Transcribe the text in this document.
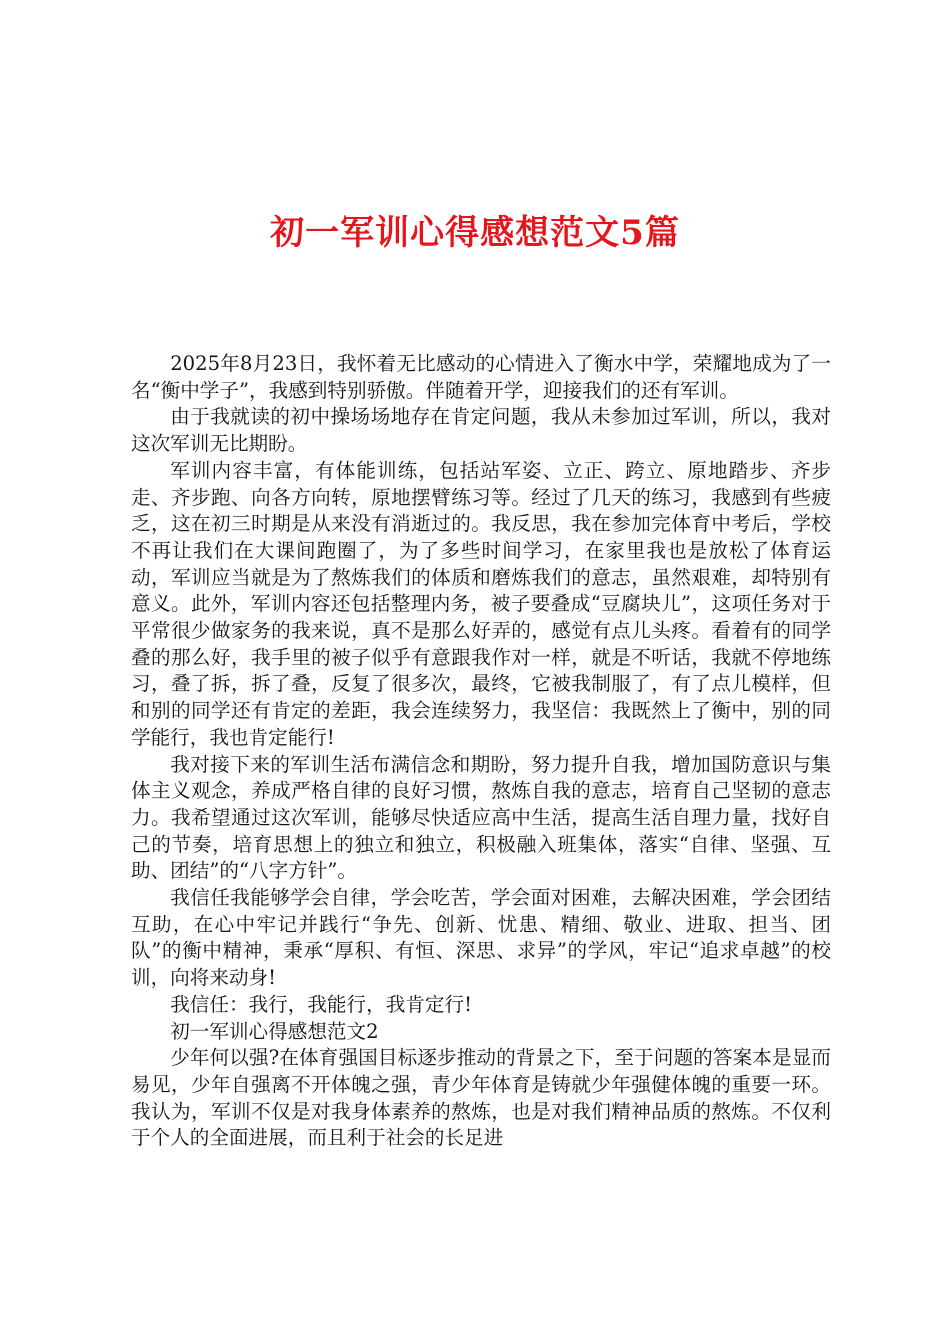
初一军训心得感想范文5篇

2025年8月23日，我怀着无比感动的心情进入了衡水中学，荣耀地成为了一名“衡中学子”，我感到特别骄傲。伴随着开学，迎接我们的还有军训。

由于我就读的初中操场场地存在肯定问题，我从未参加过军训，所以，我对这次军训无比期盼。

军训内容丰富，有体能训练，包括站军姿、立正、跨立、原地踏步、齐步走、齐步跑、向各方向转，原地摆臂练习等。经过了几天的练习，我感到有些疲乏，这在初三时期是从来没有消逝过的。我反思，我在参加完体育中考后，学校不再让我们在大课间跑圈了，为了多些时间学习，在家里我也是放松了体育运动，军训应当就是为了熬炼我们的体质和磨炼我们的意志，虽然艰难，却特别有意义。此外，军训内容还包括整理内务，被子要叠成“豆腐块儿”，这项任务对于平常很少做家务的我来说，真不是那么好弄的，感觉有点儿头疼。看着有的同学叠的那么好，我手里的被子似乎有意跟我作对一样，就是不听话，我就不停地练习，叠了拆，拆了叠，反复了很多次，最终，它被我制服了，有了点儿模样，但和别的同学还有肯定的差距，我会连续努力，我坚信：我既然上了衡中，别的同学能行，我也肯定能行!

我对接下来的军训生活布满信念和期盼，努力提升自我，增加国防意识与集体主义观念，养成严格自律的良好习惯，熬炼自我的意志，培育自己坚韧的意志力。我希望通过这次军训，能够尽快适应高中生活，提高生活自理力量，找好自己的节奏，培育思想上的独立和独立，积极融入班集体，落实“自律、坚强、互助、团结”的“八字方针”。

我信任我能够学会自律，学会吃苦，学会面对困难，去解决困难，学会团结互助，在心中牢记并践行“争先、创新、忧患、精细、敬业、进取、担当、团队”的衡中精神，秉承“厚积、有恒、深思、求异”的学风，牢记“追求卓越”的校训，向将来动身!

我信任：我行，我能行，我肯定行!

初一军训心得感想范文2

少年何以强?在体育强国目标逐步推动的背景之下，至于问题的答案本是显而易见，少年自强离不开体魄之强，青少年体育是铸就少年强健体魄的重要一环。我认为，军训不仅是对我身体素养的熬炼，也是对我们精神品质的熬炼。不仅利于个人的全面进展，而且利于社会的长足进
